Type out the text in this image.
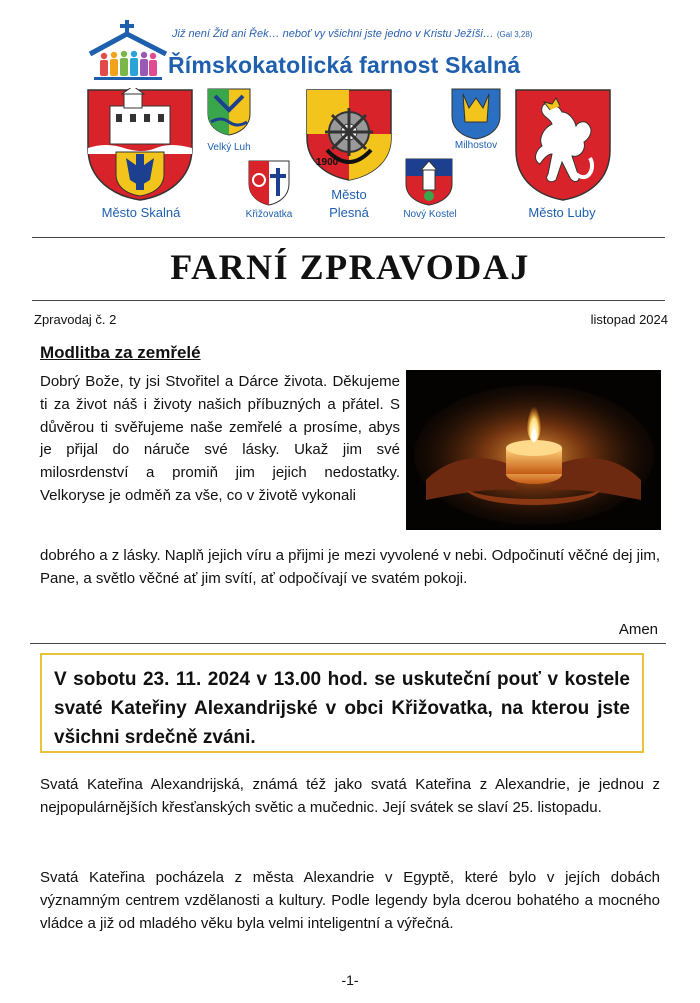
Již není Žid ani Řek… neboť vy všichni jste jedno v Kristu Ježíši… (Gal 3,28)
Římskokatolická farnost Skalná
Město Skalná
Velký Luh
Křižovatka
1900
Město
Plesná	Nový Kostel
Milhostov
Město Luby
FARNÍ ZPRAVODAJ
Zpravodaj č. 2	listopad 2024
Modlitba za zemřelé
Dobrý Bože, ty jsi Stvořitel a Dárce života. Děkujeme ti za život náš i životy našich příbuzných a přátel. S důvěrou ti svěřujeme naše zemřelé a prosíme, abys je přijal do náruče své lásky. Ukaž jim své milosrdenství a promiň jim jejich nedostatky. Velkoryse je odměň za vše, co v životě vykonali
dobrého a z lásky. Naplň jejich víru a přijmi je mezi vyvolené v nebi. Odpočinutí věčné dej jim, Pane, a světlo věčné ať jim svítí, ať odpočívají ve svatém pokoji.
Amen
V sobotu 23. 11. 2024 v 13.00 hod. se uskuteční pouť v kostele svaté Kateřiny Alexandrijské v obci Křižovatka, na kterou jste všichni srdečně zváni.
Svatá Kateřina Alexandrijská, známá též jako svatá Kateřina z Alexandrie, je jednou z nejpopulárnějších křesťanských světic a mučednic. Její svátek se slaví 25. listopadu.
Svatá Kateřina pocházela z města Alexandrie v Egyptě, které bylo v jejích dobách významným centrem vzdělanosti a kultury. Podle legendy byla dcerou bohatého a mocného vládce a již od mladého věku byla velmi inteligentní a výřečná.
-1-
